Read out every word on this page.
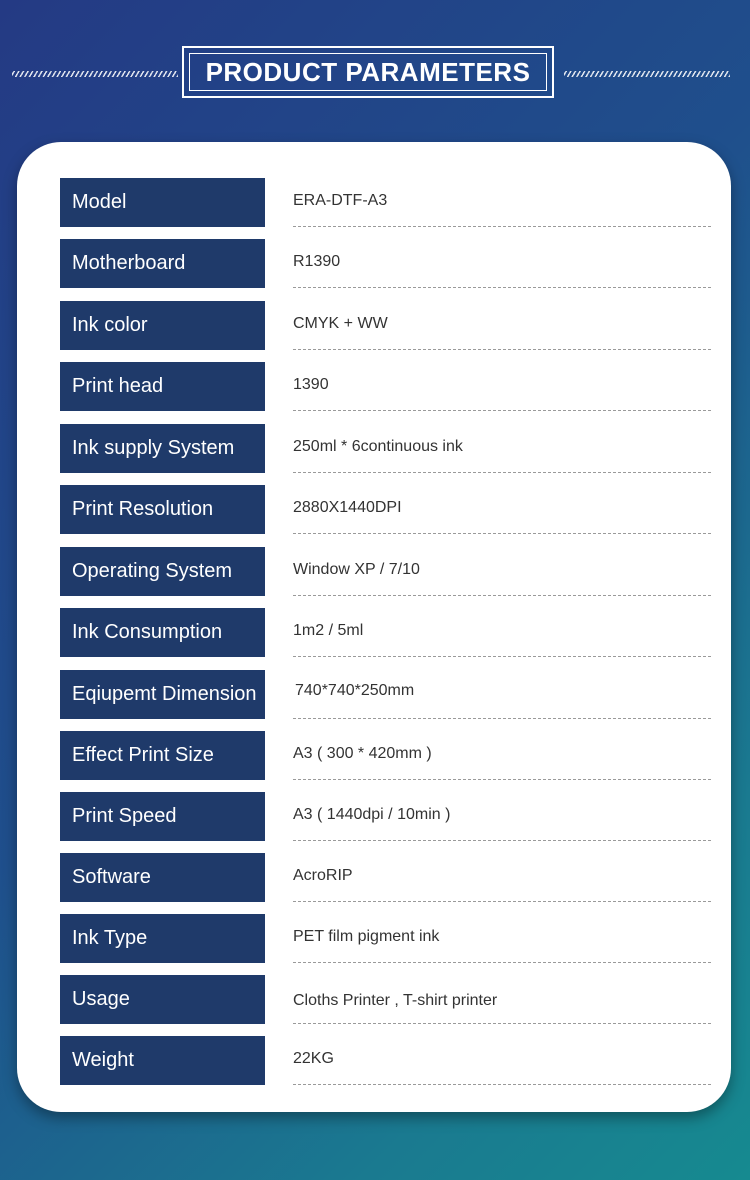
PRODUCT PARAMETERS
Model	ERA-DTF-A3
Motherboard	R1390
Ink color	CMYK + WW
Print head	1390
Ink supply System	250ml * 6continuous ink
Print Resolution	2880X1440DPI
Operating System	Window XP / 7/10
Ink Consumption	1m2 / 5ml
Eqiupemt Dimension	740*740*250mm
Effect Print Size	A3 ( 300 * 420mm )
Print Speed	A3 ( 1440dpi / 10min )
Software	AcroRIP
Ink Type	PET film pigment ink
Usage	Cloths Printer , T-shirt printer
Weight	22KG
